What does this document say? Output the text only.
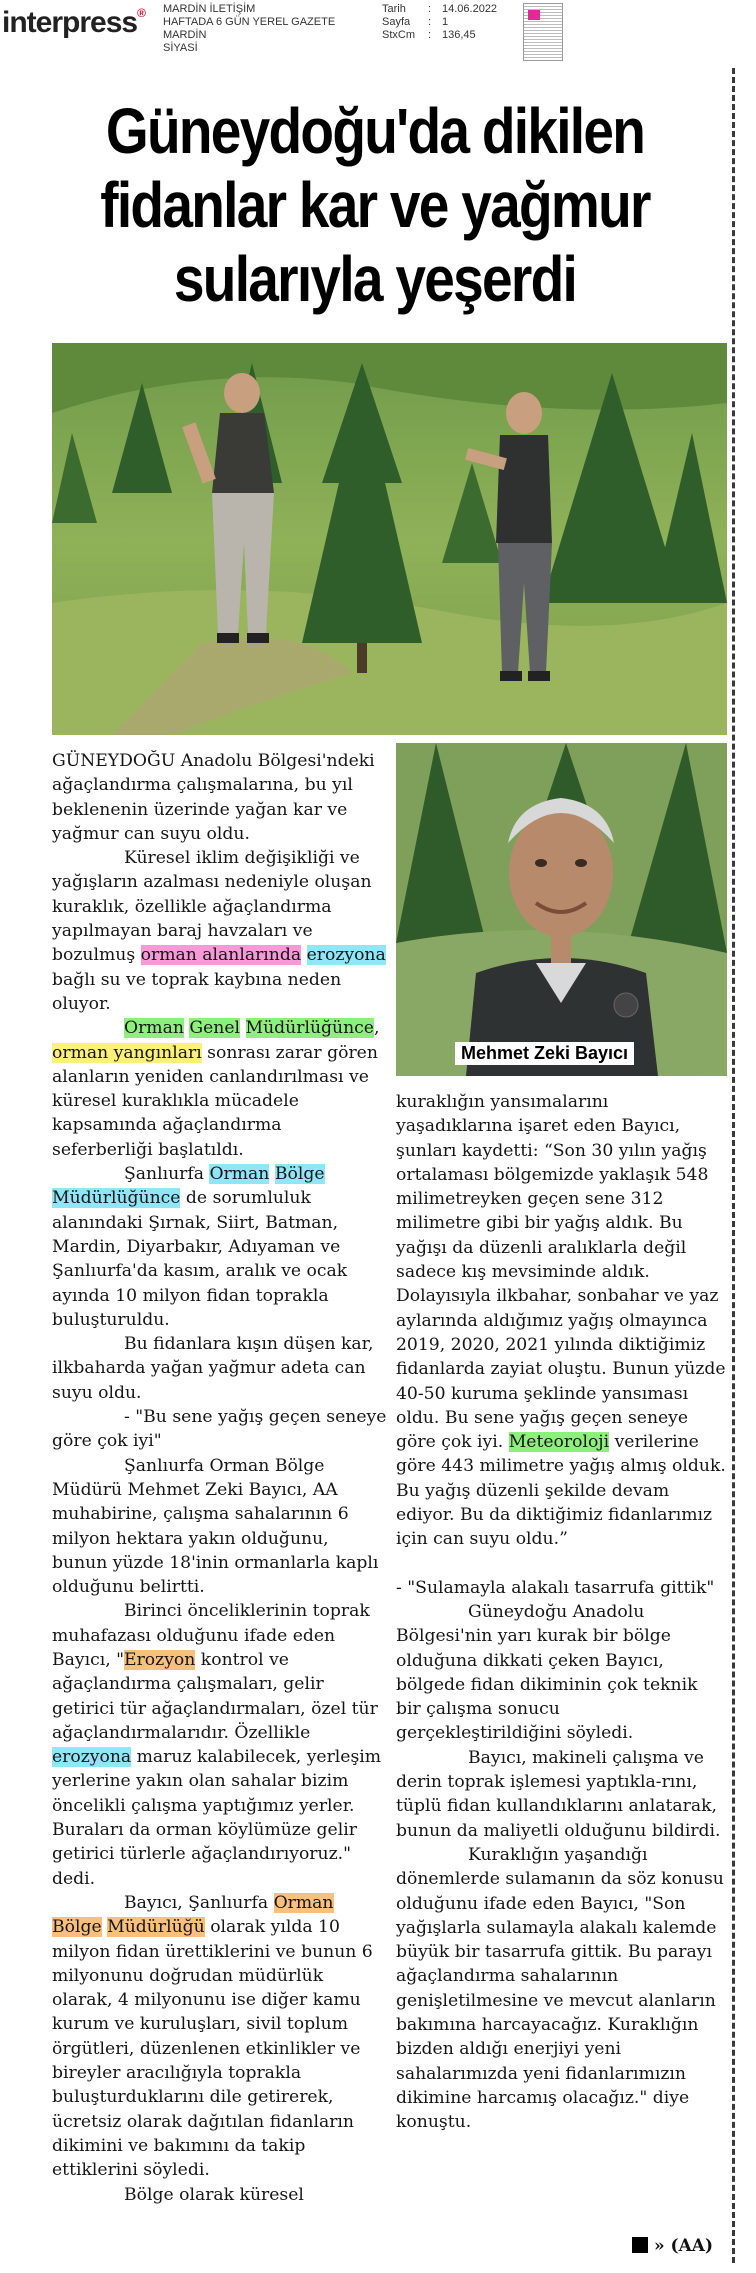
interpress® MARDİN İLETİŞİM
HAFTADA 6 GÜN YEREL GAZETE
MARDİN
SİYASİ
Tarih
Sayfa
StxCm
:
:
:
14.06.2022
1
136,45
Güneydoğu'da dikilen
fidanlar kar ve yağmur
sularıyla yeşerdi
Mehmet Zeki Bayıcı

GÜNEYDOĞU Anadolu Bölgesi'ndeki ağaçlandırma çalışmalarına, bu yıl beklenenin üzerinde yağan kar ve yağmur can suyu oldu.

Küresel iklim değişikliği ve yağışların azalması nedeniyle oluşan kuraklık, özellikle ağaçlandırma yapılmayan baraj havzaları ve bozulmuş orman alanlarında erozyona bağlı su ve toprak kaybına neden oluyor.

Orman Genel Müdürlüğünce, orman yangınları sonrası zarar gören alanların yeniden canlandırılması ve küresel kuraklıkla mücadele kapsamında ağaçlandırma seferberliği başlatıldı.

Şanlıurfa Orman Bölge Müdürlüğünce de sorumluluk alanındaki Şırnak, Siirt, Batman, Mardin, Diyarbakır, Adıyaman ve Şanlıurfa'da kasım, aralık ve ocak ayında 10 milyon fidan toprakla buluşturuldu.

Bu fidanlara kışın düşen kar, ilkbaharda yağan yağmur adeta can suyu oldu.

- "Bu sene yağış geçen seneye göre çok iyi"

Şanlıurfa Orman Bölge Müdürü Mehmet Zeki Bayıcı, AA muhabirine, çalışma sahalarının 6 milyon hektara yakın olduğunu, bunun yüzde 18'inin ormanlarla kaplı olduğunu belirtti.

Birinci önceliklerinin toprak muhafazası olduğunu ifade eden Bayıcı, "Erozyon kontrol ve ağaçlandırma çalışmaları, gelir getirici tür ağaçlandırmaları, özel tür ağaçlandırmalarıdır. Özellikle erozyona maruz kalabilecek, yerleşim yerlerine yakın olan sahalar bizim öncelikli çalışma yaptığımız yerler. Buraları da orman köylümüze gelir getirici türlerle ağaçlandırıyoruz." dedi.

Bayıcı, Şanlıurfa Orman Bölge Müdürlüğü olarak yılda 10 milyon fidan ürettiklerini ve bunun 6 milyonunu doğrudan müdürlük olarak, 4 milyonunu ise diğer kamu kurum ve kuruluşları, sivil toplum örgütleri, düzenlenen etkinlikler ve bireyler aracılığıyla toprakla buluşturduklarını dile getirerek, ücretsiz olarak dağıtılan fidanların dikimini ve bakımını da takip ettiklerini söyledi.

Bölge olarak küresel

kuraklığın yansımalarını yaşadıklarına işaret eden Bayıcı, şunları kaydetti: “Son 30 yılın yağış ortalaması bölgemizde yaklaşık 548 milimetreyken geçen sene 312 milimetre gibi bir yağış aldık. Bu yağışı da düzenli aralıklarla değil sadece kış mevsiminde aldık. Dolayısıyla ilkbahar, sonbahar ve yaz aylarında aldığımız yağış olmayınca 2019, 2020, 2021 yılında diktiğimiz fidanlarda zayiat oluştu. Bunun yüzde 40-50 kuruma şeklinde yansıması oldu. Bu sene yağış geçen seneye göre çok iyi. Meteoroloji verilerine göre 443 milimetre yağış almış olduk. Bu yağış düzenli şekilde devam ediyor. Bu da diktiğimiz fidanlarımız için can suyu oldu.”

- "Sulamayla alakalı tasarrufa gittik"

Güneydoğu Anadolu Bölgesi'nin yarı kurak bir bölge olduğuna dikkati çeken Bayıcı, bölgede fidan dikiminin çok teknik bir çalışma sonucu gerçekleştirildiğini söyledi.

Bayıcı, makineli çalışma ve derin toprak işlemesi yaptıkla-rını, tüplü fidan kullandıklarını anlatarak, bunun da maliyetli olduğunu bildirdi.

Kuraklığın yaşandığı dönemlerde sulamanın da söz konusu olduğunu ifade eden Bayıcı, "Son yağışlarla sulamayla alakalı kalemde büyük bir tasarrufa gittik. Bu parayı ağaçlandırma sahalarının genişletilmesine ve mevcut alanların bakımına harcayacağız. Kuraklığın bizden aldığı enerjiyi yeni sahalarımızda yeni fidanlarımızın dikimine harcamış olacağız." diye konuştu.

» (AA)
